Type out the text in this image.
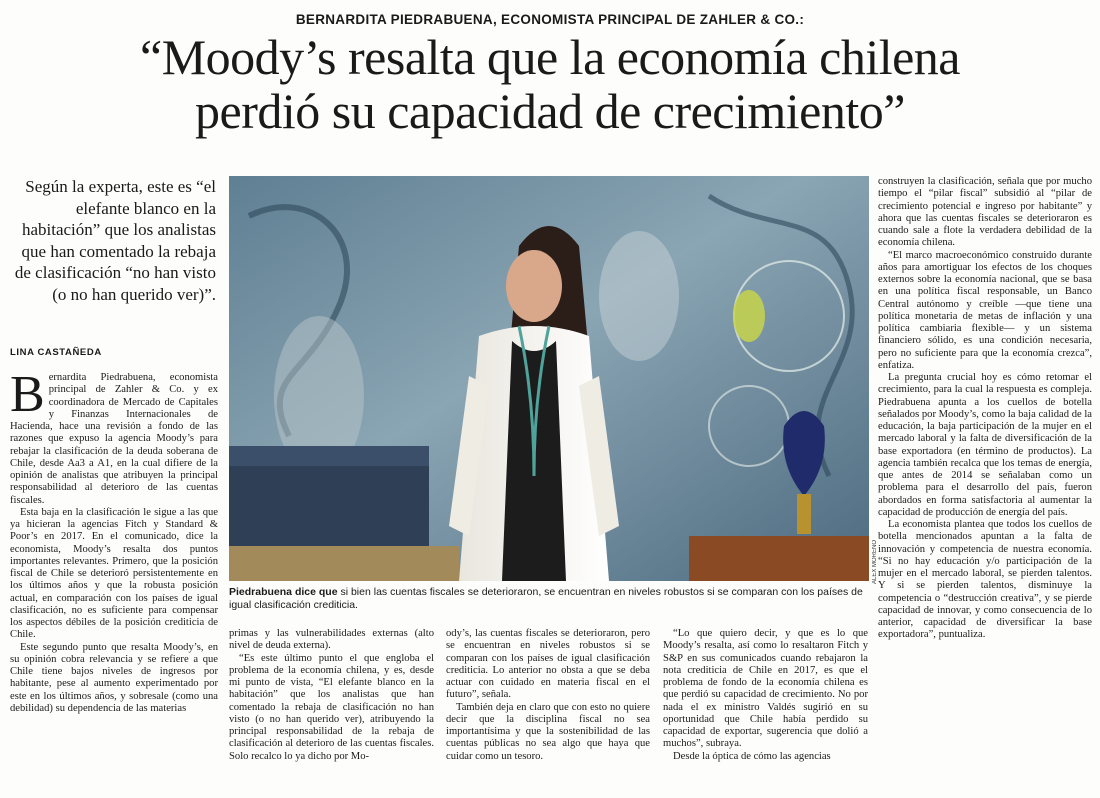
BERNARDITA PIEDRABUENA, ECONOMISTA PRINCIPAL DE ZAHLER & CO.:
“Moody’s resalta que la economía chilena
perdió su capacidad de crecimiento”
Según la experta, este es “el elefante blanco en la habitación” que los analistas que han comentado la rebaja de clasificación “no han visto (o no han querido ver)”.
LINA CASTAÑEDA

Bernardita Piedrabuena, economista principal de Zahler & Co. y ex coordinadora de Mercado de Capitales y Finanzas Internacionales de Hacienda, hace una revisión a fondo de las razones que expuso la agencia Moody’s para rebajar la clasificación de la deuda soberana de Chile, desde Aa3 a A1, en la cual difiere de la opinión de analistas que atribuyen la principal responsabilidad al deterioro de las cuentas fiscales.

Esta baja en la clasificación le sigue a las que ya hicieran la agencias Fitch y Standard & Poor’s en 2017. En el comunicado, dice la economista, Moody’s resalta dos puntos importantes relevantes. Primero, que la posición fiscal de Chile se deterioró persistentemente en los últimos años y que la robusta posición actual, en comparación con los países de igual clasificación, no es suficiente para compensar los aspectos débiles de la posición crediticia de Chile.

Este segundo punto que resalta Moody’s, en su opinión cobra relevancia y se refiere a que Chile tiene bajos niveles de ingresos por habitante, pese al aumento experimentado por este en los últimos años, y sobresale (como una debilidad) su dependencia de las materias

ALEX MORENO
Piedrabuena dice que si bien las cuentas fiscales se deterioraron, se encuentran en niveles robustos si se comparan con los países de igual clasificación crediticia.

primas y las vulnerabilidades externas (alto nivel de deuda externa).

“Es este último punto el que engloba el problema de la economía chilena, y es, desde mi punto de vista, “El elefante blanco en la habitación” que los analistas que han comentado la rebaja de clasificación no han visto (o no han querido ver), atribuyendo la principal responsabilidad de la rebaja de clasificación al deterioro de las cuentas fiscales. Solo recalco lo ya dicho por Mo-

ody’s, las cuentas fiscales se deterioraron, pero se encuentran en niveles robustos si se comparan con los países de igual clasificación crediticia. Lo anterior no obsta a que se deba actuar con cuidado en materia fiscal en el futuro”, señala.

También deja en claro que con esto no quiere decir que la disciplina fiscal no sea importantísima y que la sostenibilidad de las cuentas públicas no sea algo que haya que cuidar como un tesoro.

“Lo que quiero decir, y que es lo que Moody’s resalta, así como lo resaltaron Fitch y S&P en sus comunicados cuando rebajaron la nota crediticia de Chile en 2017, es que el problema de fondo de la economía chilena es que perdió su capacidad de crecimiento. No por nada el ex ministro Valdés sugirió en su oportunidad que Chile había perdido su capacidad de exportar, sugerencia que dolió a muchos”, subraya.

Desde la óptica de cómo las agencias

construyen la clasificación, señala que por mucho tiempo el “pilar fiscal” subsidió al “pilar de crecimiento potencial e ingreso por habitante” y ahora que las cuentas fiscales se deterioraron es cuando sale a flote la verdadera debilidad de la economía chilena.

“El marco macroeconómico construido durante años para amortiguar los efectos de los choques externos sobre la economía nacional, que se basa en una política fiscal responsable, un Banco Central autónomo y creíble —que tiene una política monetaria de metas de inflación y una política cambiaria flexible— y un sistema financiero sólido, es una condición necesaria, pero no suficiente para que la economía crezca”, enfatiza.

La pregunta crucial hoy es cómo retomar el crecimiento, para la cual la respuesta es compleja. Piedrabuena apunta a los cuellos de botella señalados por Moody’s, como la baja calidad de la educación, la baja participación de la mujer en el mercado laboral y la falta de diversificación de la base exportadora (en término de productos). La agencia también recalca que los temas de energía, que antes de 2014 se señalaban como un problema para el desarrollo del país, fueron abordados en forma satisfactoria al aumentar la capacidad de producción de energía del país.

La economista plantea que todos los cuellos de botella mencionados apuntan a la falta de innovación y competencia de nuestra economía. “Si no hay educación y/o participación de la mujer en el mercado laboral, se pierden talentos. Y si se pierden talentos, disminuye la competencia o “destrucción creativa”, y se pierde capacidad de innovar, y como consecuencia de lo anterior, capacidad de diversificar la base exportadora”, puntualiza.
